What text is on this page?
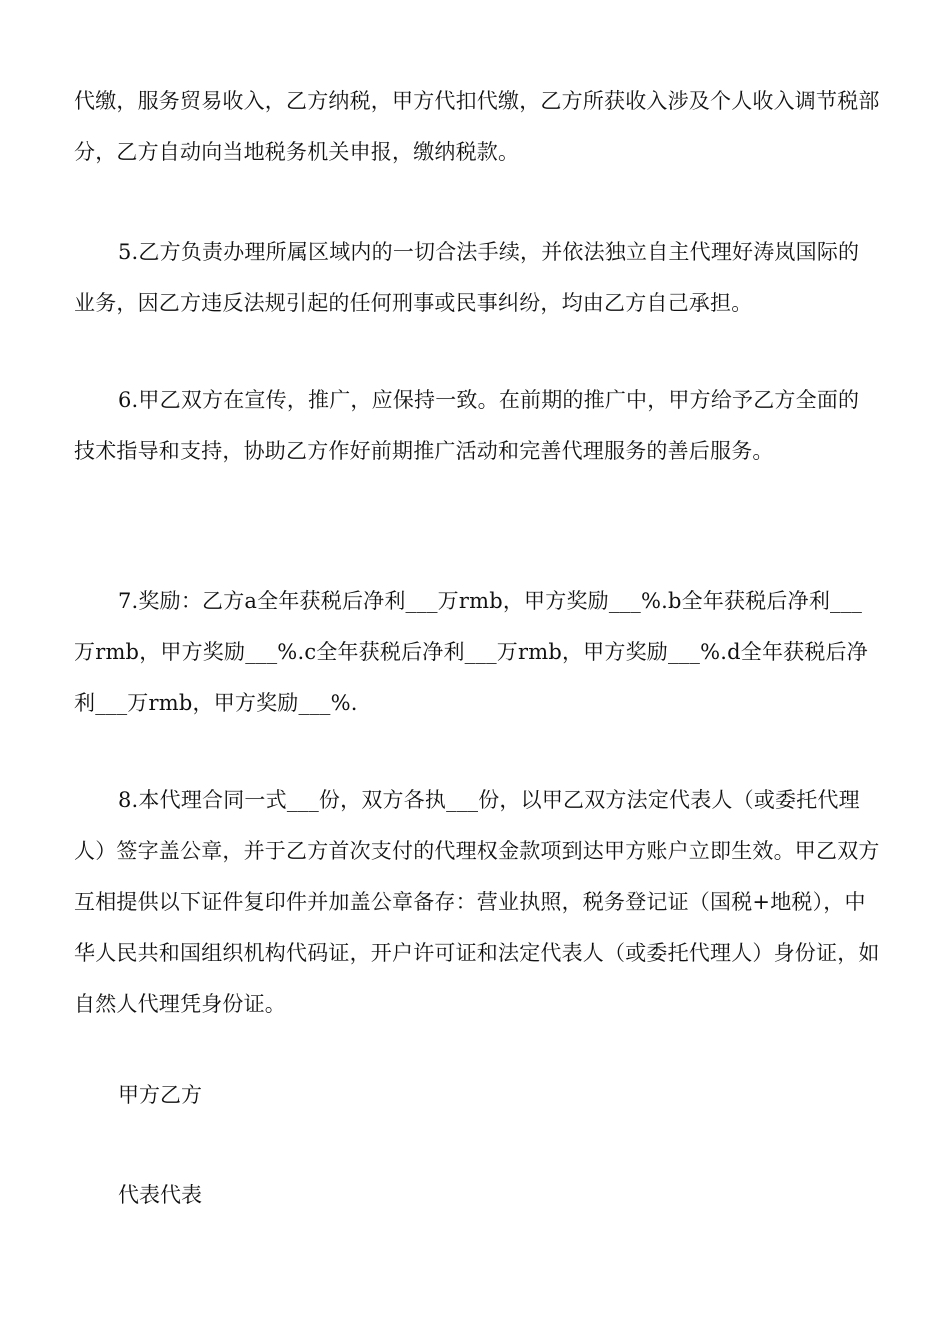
代缴，服务贸易收入，乙方纳税，甲方代扣代缴，乙方所获收入涉及个人收入调节税部分，乙方自动向当地税务机关申报，缴纳税款。

5.乙方负责办理所属区域内的一切合法手续，并依法独立自主代理好涛岚国际的业务，因乙方违反法规引起的任何刑事或民事纠纷，均由乙方自己承担。

6.甲乙双方在宣传，推广，应保持一致。在前期的推广中，甲方给予乙方全面的技术指导和支持，协助乙方作好前期推广活动和完善代理服务的善后服务。

7.奖励：乙方a全年获税后净利___万rmb，甲方奖励___%.b全年获税后净利___万rmb，甲方奖励___%.c全年获税后净利___万rmb，甲方奖励___%.d全年获税后净利___万rmb，甲方奖励___%.

8.本代理合同一式___份，双方各执___份，以甲乙双方法定代表人（或委托代理人）签字盖公章，并于乙方首次支付的代理权金款项到达甲方账户立即生效。甲乙双方互相提供以下证件复印件并加盖公章备存：营业执照，税务登记证（国税+地税），中华人民共和国组织机构代码证，开户许可证和法定代表人（或委托代理人）身份证，如自然人代理凭身份证。

甲方乙方

代表代表
